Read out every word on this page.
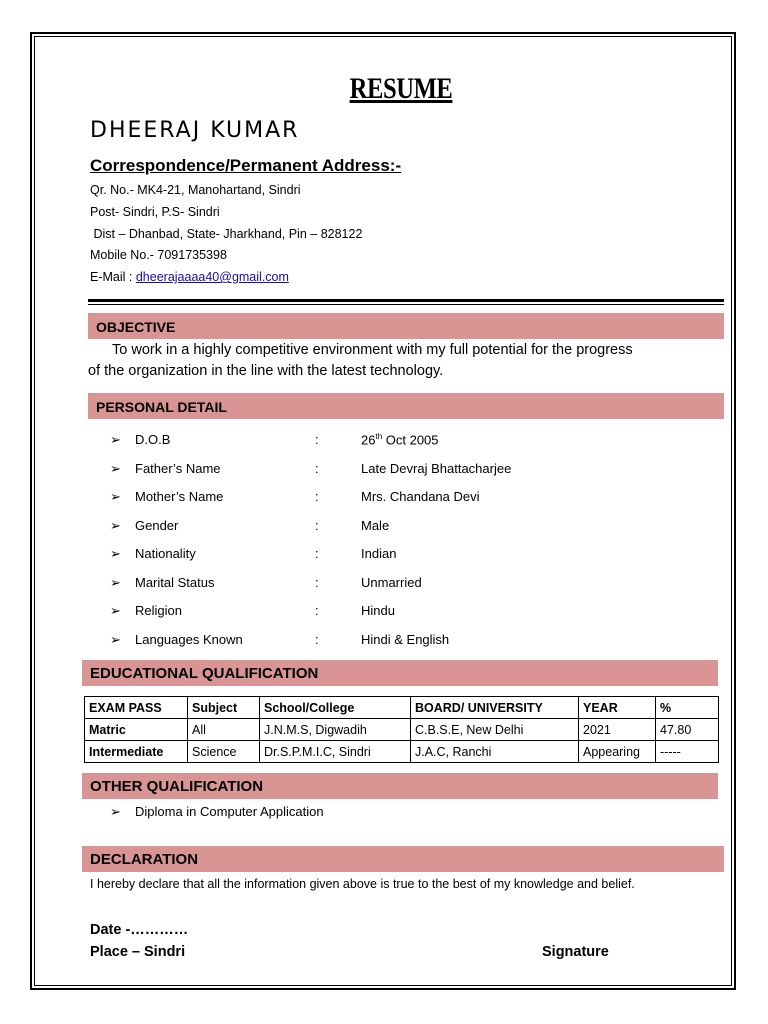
RESUME
DHEERAJ KUMAR
Correspondence/Permanent Address:-
Qr. No.- MK4-21, Manohartand, Sindri
Post- Sindri, P.S- Sindri
Dist – Dhanbad, State- Jharkhand, Pin – 828122
Mobile No.- 7091735398
E-Mail : dheerajaaaa40@gmail.com
OBJECTIVE
To work in a highly competitive environment with my full potential for the progress
of the organization in the line with the latest technology.
PERSONAL DETAIL
➢ D.O.B	:	26th Oct 2005
➢ Father’s Name	:	Late Devraj Bhattacharjee
➢ Mother’s Name	:	Mrs. Chandana Devi
➢ Gender	:	Male
➢ Nationality	:	Indian
➢ Marital Status	:	Unmarried
➢ Religion	:	Hindu
➢ Languages Known	:	Hindi & English
EDUCATIONAL QUALIFICATION
EXAM PASS	Subject	School/College	BOARD/ UNIVERSITY	YEAR	%
Matric	All	J.N.M.S, Digwadih	C.B.S.E, New Delhi	2021	47.80
Intermediate	Science	Dr.S.P.M.I.C, Sindri	J.A.C, Ranchi	Appearing	-----
OTHER QUALIFICATION
➢ Diploma in Computer Application
DECLARATION
I hereby declare that all the information given above is true to the best of my knowledge and belief.
Date -…………
Place – Sindri	Signature
